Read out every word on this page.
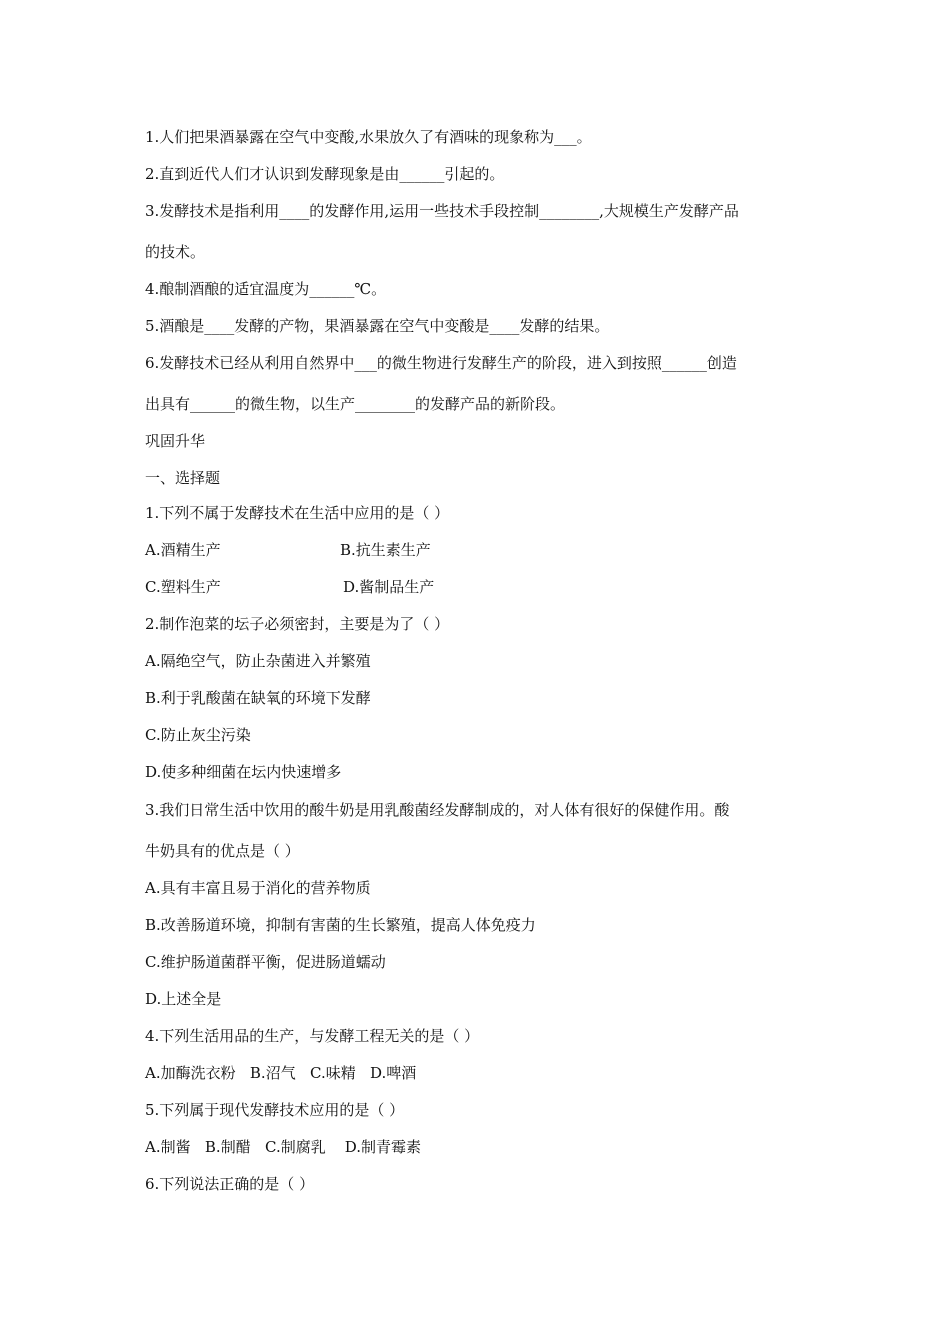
1.人们把果酒暴露在空气中变酸,水果放久了有酒味的现象称为___。
2.直到近代人们才认识到发酵现象是由______引起的。
3.发酵技术是指利用____的发酵作用,运用一些技术手段控制________,大规模生产发酵产品
的技术。
4.酿制酒酿的适宜温度为______℃。
5.酒酿是____发酵的产物，果酒暴露在空气中变酸是____发酵的结果。
6.发酵技术已经从利用自然界中___的微生物进行发酵生产的阶段，进入到按照______创造
出具有______的微生物，以生产________的发酵产品的新阶段。
巩固升华
一、选择题
1.下列不属于发酵技术在生活中应用的是（ ）
A.酒精生产	B.抗生素生产
C.塑料生产	D.酱制品生产
2.制作泡菜的坛子必须密封，主要是为了（ ）
A.隔绝空气，防止杂菌进入并繁殖
B.利于乳酸菌在缺氧的环境下发酵
C.防止灰尘污染
D.使多种细菌在坛内快速增多
3.我们日常生活中饮用的酸牛奶是用乳酸菌经发酵制成的，对人体有很好的保健作用。酸
牛奶具有的优点是（ ）
A.具有丰富且易于消化的营养物质
B.改善肠道环境，抑制有害菌的生长繁殖，提高人体免疫力
C.维护肠道菌群平衡，促进肠道蠕动
D.上述全是
4.下列生活用品的生产，与发酵工程无关的是（ ）
A.加酶洗衣粉   B.沼气   C.味精   D.啤酒
5.下列属于现代发酵技术应用的是（ ）
A.制酱   B.制醋   C.制腐乳    D.制青霉素
6.下列说法正确的是（ ）
